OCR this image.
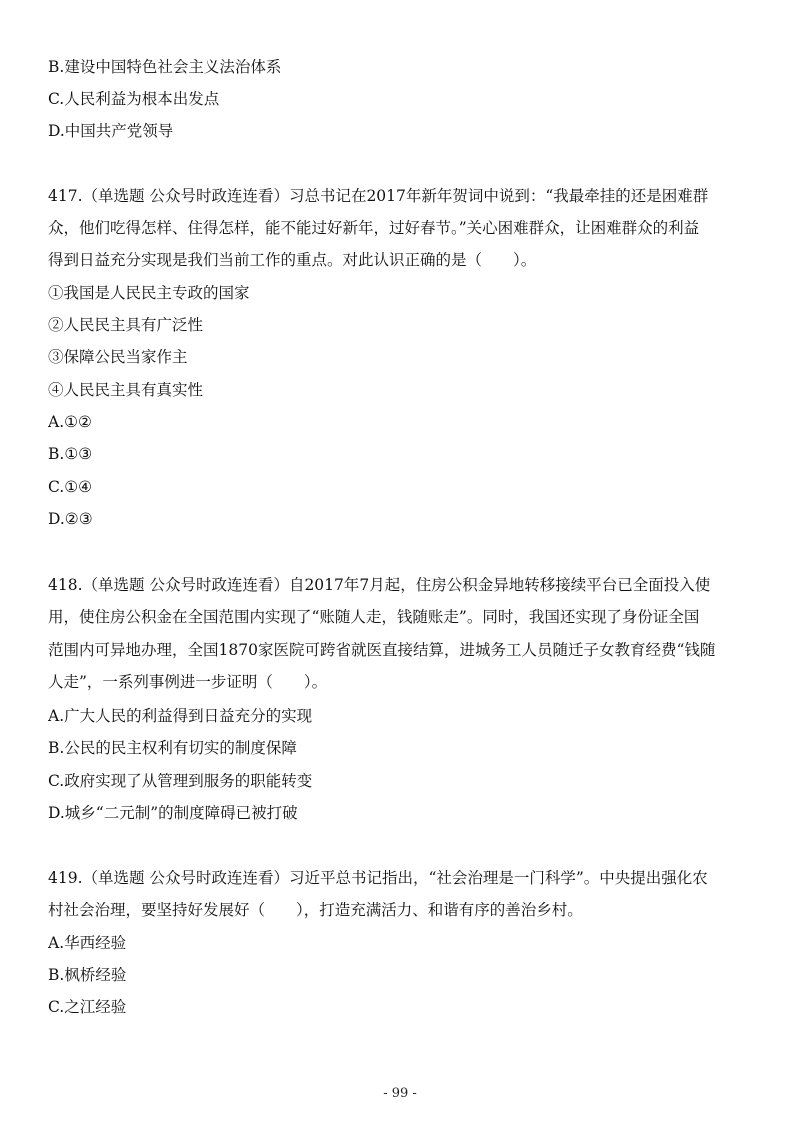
B.建设中国特色社会主义法治体系
C.人民利益为根本出发点
D.中国共产党领导
417.（单选题 公众号时政连连看）习总书记在2017年新年贺词中说到：“我最牵挂的还是困难群
众，他们吃得怎样、住得怎样，能不能过好新年，过好春节。”关心困难群众，让困难群众的利益
得到日益充分实现是我们当前工作的重点。对此认识正确的是（　　）。
①我国是人民民主专政的国家
②人民民主具有广泛性
③保障公民当家作主
④人民民主具有真实性
A.①②
B.①③
C.①④
D.②③
418.（单选题 公众号时政连连看）自2017年7月起，住房公积金异地转移接续平台已全面投入使
用，使住房公积金在全国范围内实现了“账随人走，钱随账走”。同时，我国还实现了身份证全国
范围内可异地办理，全国1870家医院可跨省就医直接结算，进城务工人员随迁子女教育经费“钱随
人走”，一系列事例进一步证明（　　）。
A.广大人民的利益得到日益充分的实现
B.公民的民主权利有切实的制度保障
C.政府实现了从管理到服务的职能转变
D.城乡“二元制”的制度障碍已被打破
419.（单选题 公众号时政连连看）习近平总书记指出，“社会治理是一门科学”。中央提出强化农
村社会治理，要坚持好发展好（　　），打造充满活力、和谐有序的善治乡村。
A.华西经验
B.枫桥经验
C.之江经验
- 99 -
